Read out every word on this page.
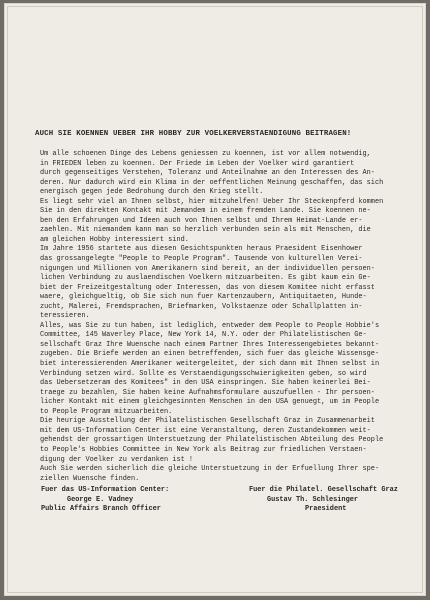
AUCH SIE KOENNEN UEBER IHR HOBBY ZUR VOELKERVERSTAENDIGUNG BEITRAGEN!
Um alle schoenen Dinge des Lebens geniessen zu koennen, ist vor allem notwendig,
in FRIEDEN leben zu koennen. Der Friede im Leben der Voelker wird garantiert
durch gegenseitiges Verstehen, Toleranz und Anteilnahme an den Interessen des An-
deren. Nur dadurch wird ein Klima in der oeffentlichen Meinung geschaffen, das sich
energisch gegen jede Bedrohung durch den Krieg stellt.
Es liegt sehr viel an Ihnen selbst, hier mitzuhelfen! Ueber Ihr Steckenpferd kommen
Sie in den direkten Kontakt mit Jemandem in einem fremden Lande. Sie koennen ne-
ben den Erfahrungen und Ideen auch von Ihnen selbst und Ihrem Heimat-Lande er-
zaehlen. Mit niemandem kann man so herzlich verbunden sein als mit Menschen, die
am gleichen Hobby interessiert sind.
Im Jahre 1956 startete aus diesen Gesichtspunkten heraus Praesident Eisenhower
das grossangelegte "People to People Program". Tausende von kulturellen Verei-
nigungen und Millionen von Amerikanern sind bereit, an der individuellen persoen-
lichen Verbindung zu auslaendischen Voelkern mitzuarbeiten. Es gibt kaum ein Ge-
biet der Freizeitgestaltung oder Interessen, das von diesem Komitee nicht erfasst
waere, gleichgueltig, ob Sie sich nun fuer Kartenzaubern, Antiquitaeten, Hunde-
zucht, Malerei, Fremdsprachen, Briefmarken, Volkstaenze oder Schallplatten in-
teressieren.
Alles, was Sie zu tun haben, ist lediglich, entweder dem People to People Hobbie's
Committee, 145 Waverley Place, New York 14, N.Y. oder der Philatelistischen Ge-
sellschaft Graz Ihre Wuensche nach einem Partner Ihres Interessengebietes bekannt-
zugeben. Die Briefe werden an einen betreffenden, sich fuer das gleiche Wissensge-
biet interessierenden Amerikaner weitergeleitet, der sich dann mit Ihnen selbst in
Verbindung setzen wird. Sollte es Verstaendigungsschwierigkeiten geben, so wird
das Uebersetzeram des Komitees" in den USA einspringen. Sie haben keinerlei Bei-
traege zu bezahlen, Sie haben keine Aufnahmsformulare auszufuellen - Ihr persoen-
licher Kontakt mit einem gleichgesinnten Menschen in den USA genuegt, um im People
to People Program mitzuarbeiten.
Die heurige Ausstellung der Philatelistischen Gesellschaft Graz in Zusammenarbeit
mit dem US-Information Center ist eine Veranstaltung, deren Zustandekommen weit-
gehendst der grossartigen Unterstuetzung der Philatelistischen Abteilung des People
to People's Hobbies Committee in New York als Beitrag zur friedlichen Verstaen-
digung der Voelker zu verdanken ist !
Auch Sie werden sicherlich die gleiche Unterstuetzung in der Erfuellung Ihrer spe-
ziellen Wuensche finden.
Fuer das US-Information Center:
George E. Vadney
Public Affairs Branch Officer
Fuer die Philatel. Gesellschaft Graz
Gustav Th. Schlesinger
Praesident
